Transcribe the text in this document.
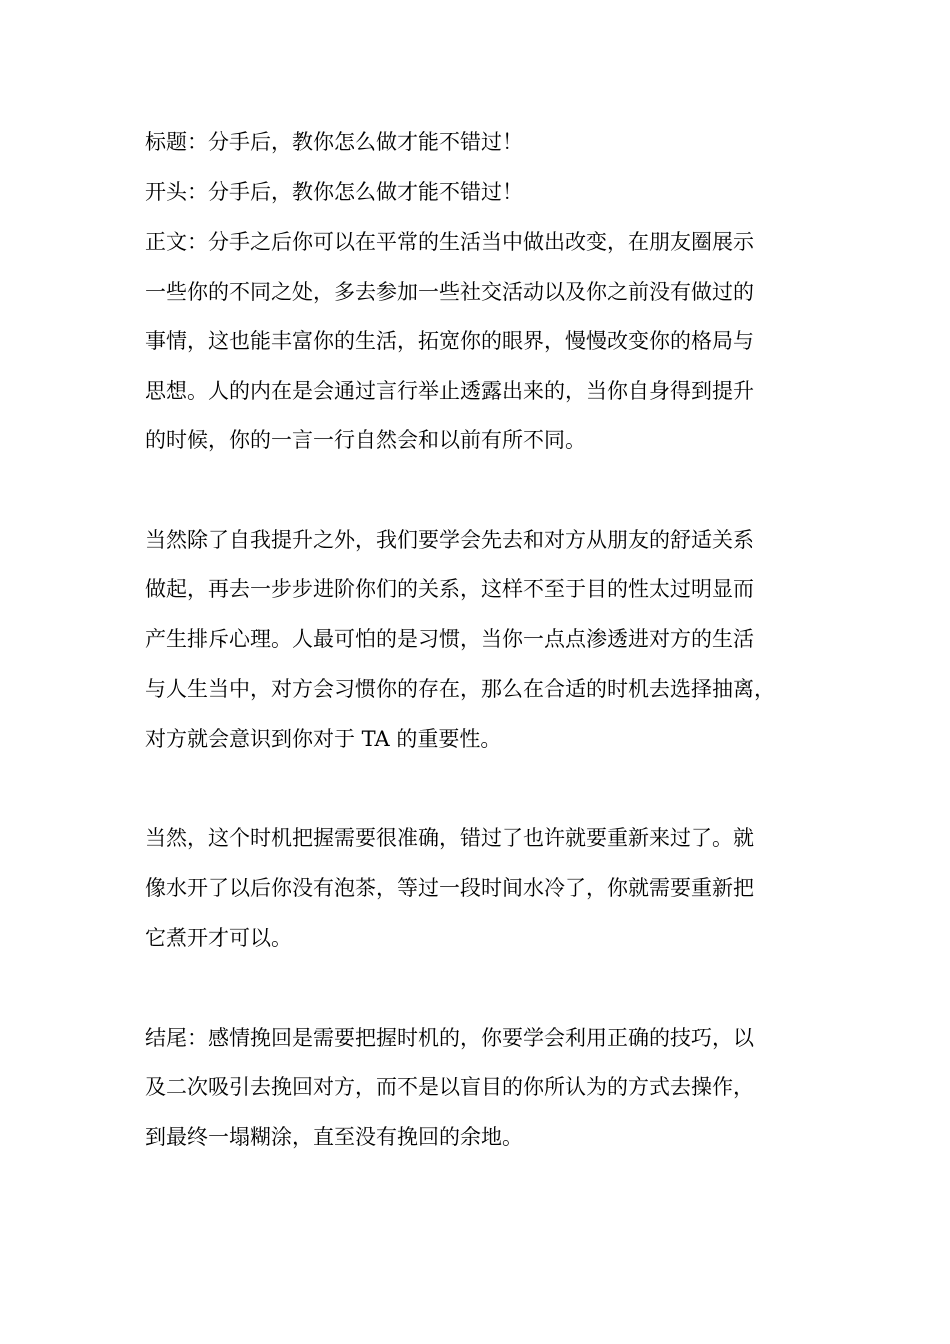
标题：分手后，教你怎么做才能不错过！
开头：分手后，教你怎么做才能不错过！
正文：分手之后你可以在平常的生活当中做出改变，在朋友圈展示
一些你的不同之处，多去参加一些社交活动以及你之前没有做过的
事情，这也能丰富你的生活，拓宽你的眼界，慢慢改变你的格局与
思想。人的内在是会通过言行举止透露出来的，当你自身得到提升
的时候，你的一言一行自然会和以前有所不同。
当然除了自我提升之外，我们要学会先去和对方从朋友的舒适关系
做起，再去一步步进阶你们的关系，这样不至于目的性太过明显而
产生排斥心理。人最可怕的是习惯，当你一点点渗透进对方的生活
与人生当中，对方会习惯你的存在，那么在合适的时机去选择抽离，
对方就会意识到你对于 TA 的重要性。
当然，这个时机把握需要很准确，错过了也许就要重新来过了。就
像水开了以后你没有泡茶，等过一段时间水冷了，你就需要重新把
它煮开才可以。
结尾：感情挽回是需要把握时机的，你要学会利用正确的技巧，以
及二次吸引去挽回对方，而不是以盲目的你所认为的方式去操作，
到最终一塌糊涂，直至没有挽回的余地。
